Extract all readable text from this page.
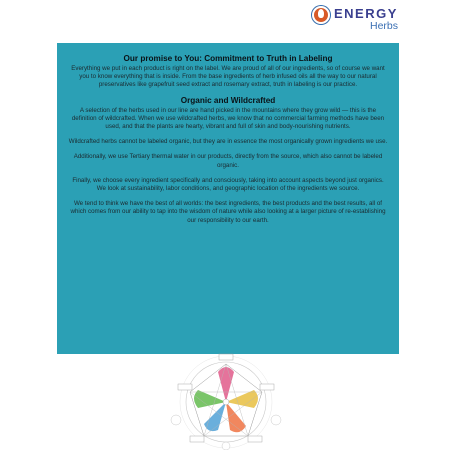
ENERGY
Herbs
Our promise to You: Commitment to Truth in Labeling
Everything we put in each product is right on the label. We are proud of all of our ingredients, so of course we want you to know everything that is inside. From the base ingredients of herb infused oils all the way to our natural preservatives like grapefruit seed extract and rosemary extract, truth in labeling is our practice.
Organic and Wildcrafted
A selection of the herbs used in our line are hand picked in the mountains where they grow wild — this is the definition of wildcrafted. When we use wildcrafted herbs, we know that no commercial farming methods have been used, and that the plants are hearty, vibrant and full of skin and body-nourishing nutrients.
Wildcrafted herbs cannot be labeled organic, but they are in essence the most organically grown ingredients we use.
Additionally, we use Tertiary thermal water in our products, directly from the source, which also cannot be labeled organic.
Finally, we choose every ingredient specifically and consciously, taking into account aspects beyond just organics. We look at sustainability, labor conditions, and geographic location of the ingredients we source.
We tend to think we have the best of all worlds: the best ingredients, the best products and the best results, all of which comes from our ability to tap into the wisdom of nature while also looking at a larger picture of re-establishing our responsibility to our earth.
